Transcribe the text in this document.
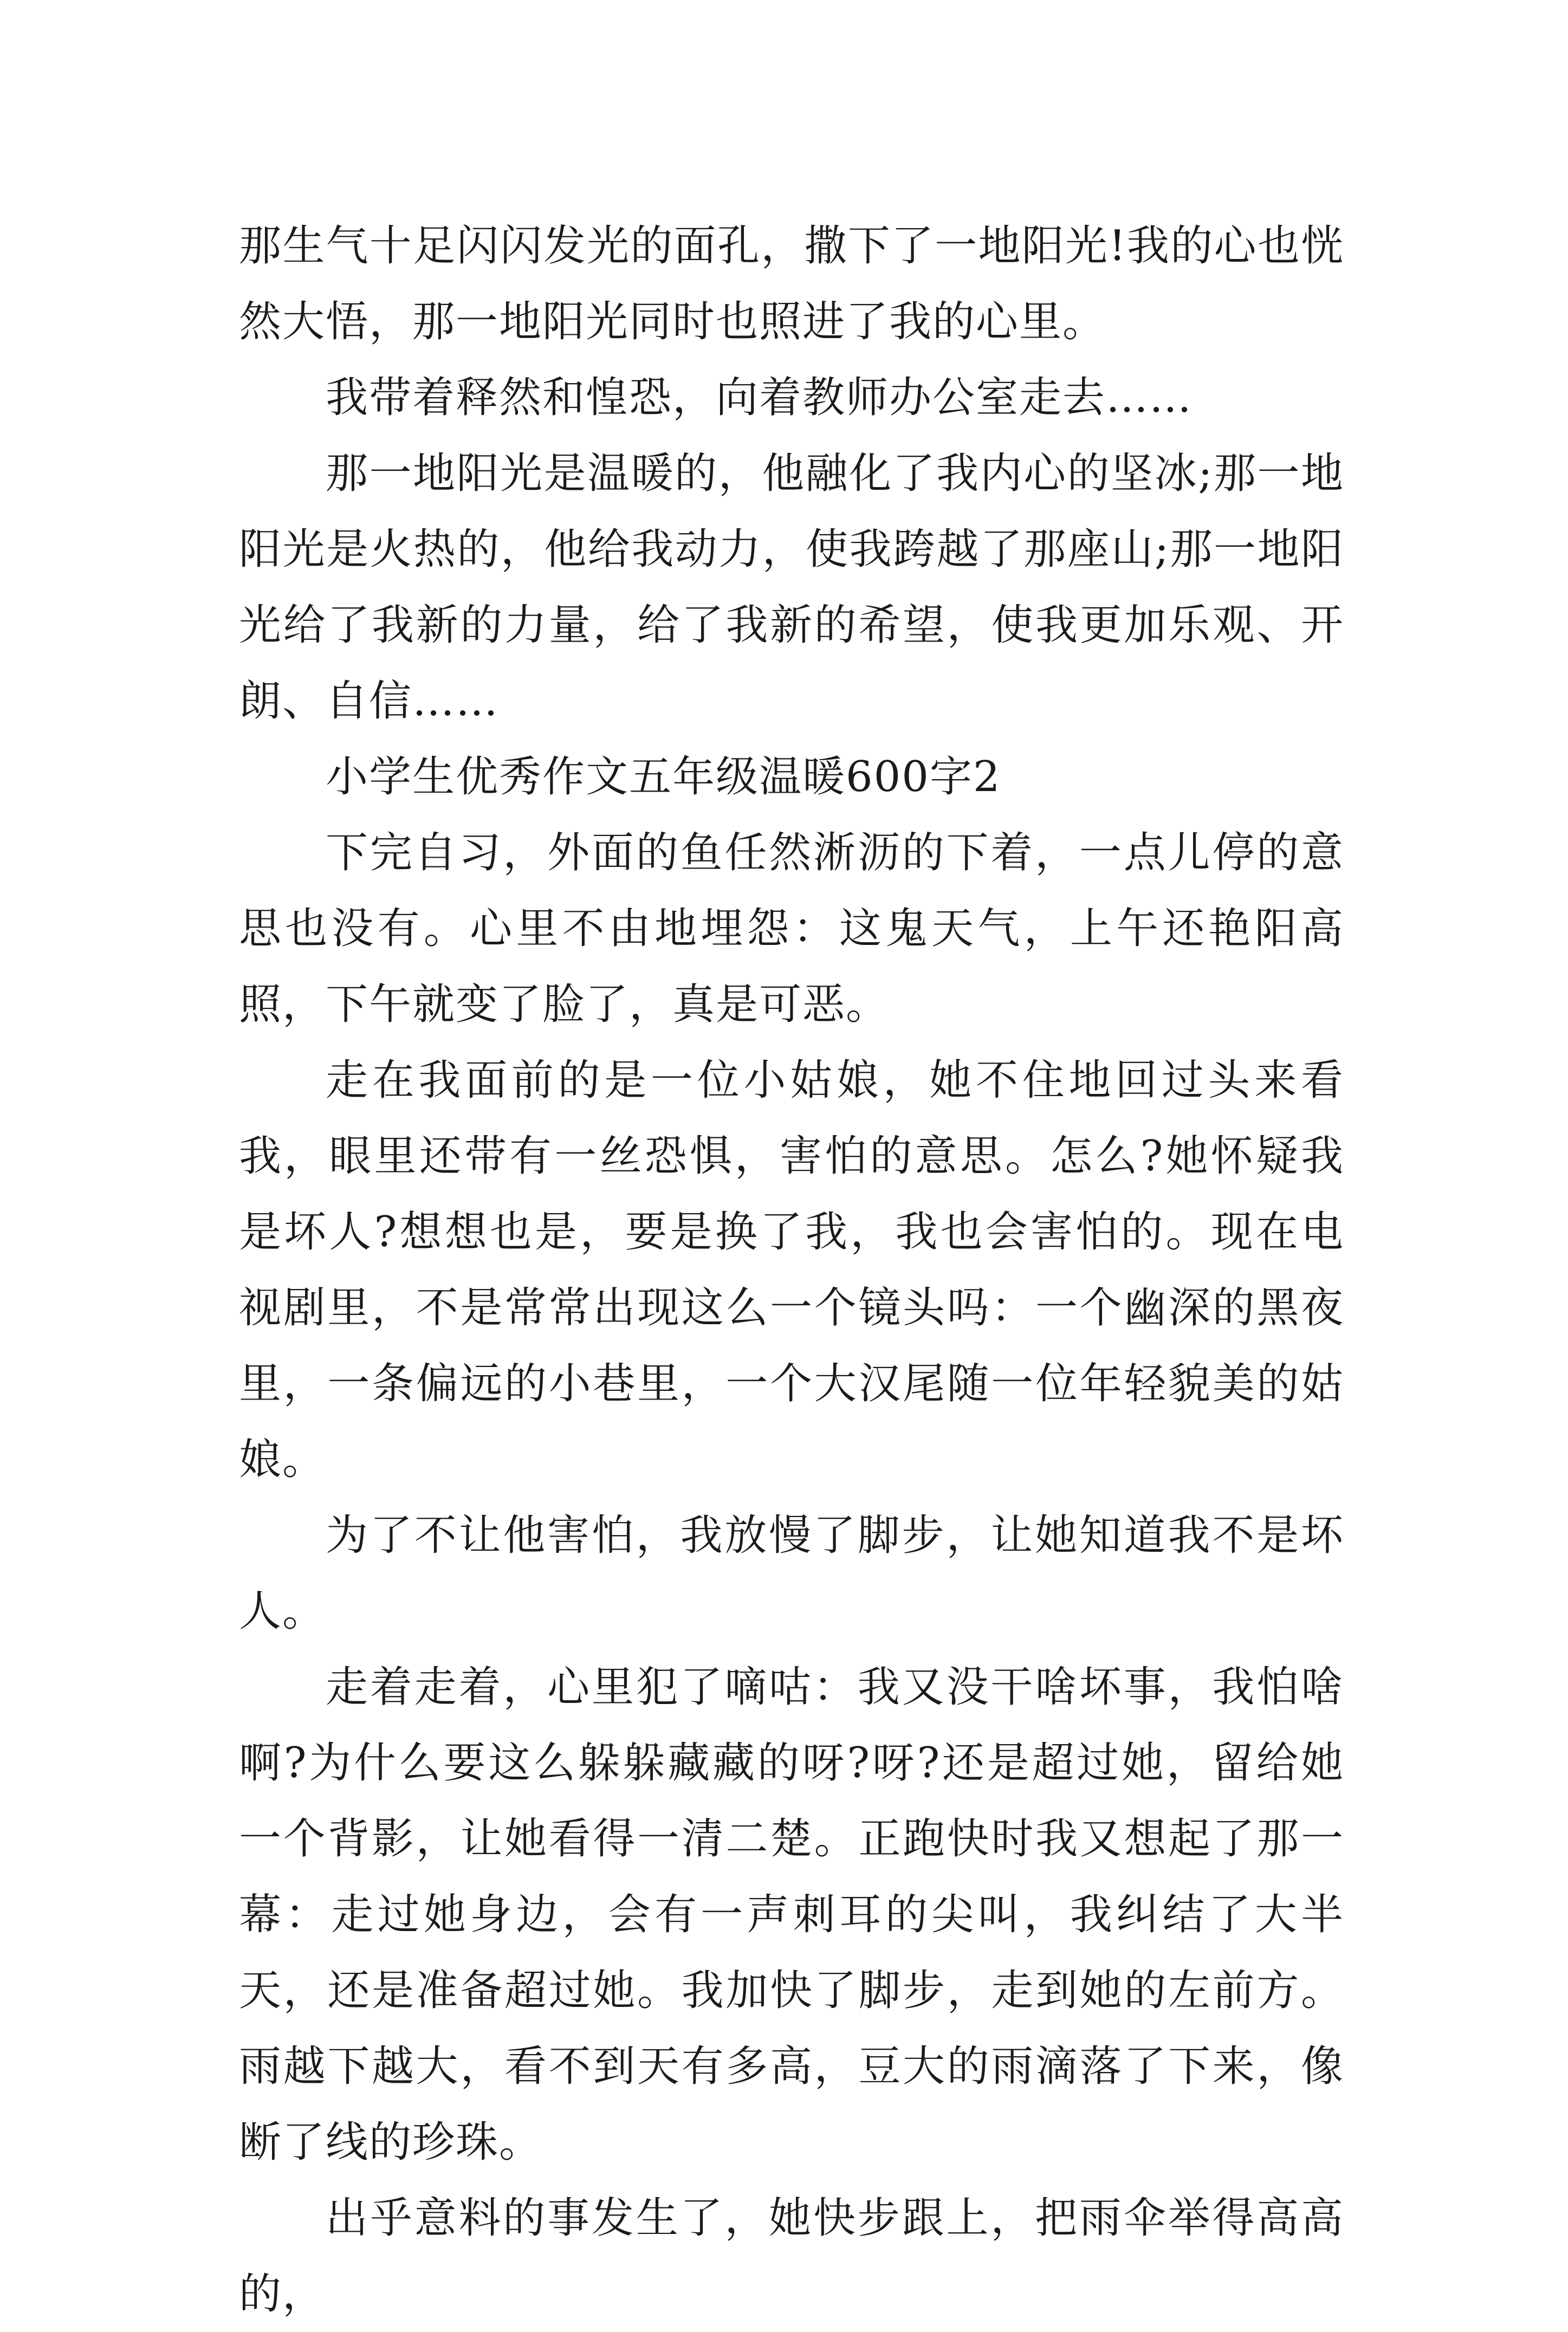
那生气十足闪闪发光的面孔，撒下了一地阳光!我的心也恍然大悟，那一地阳光同时也照进了我的心里。

我带着释然和惶恐，向着教师办公室走去……

那一地阳光是温暖的，他融化了我内心的坚冰;那一地阳光是火热的，他给我动力，使我跨越了那座山;那一地阳光给了我新的力量，给了我新的希望，使我更加乐观、开朗、自信……

小学生优秀作文五年级温暖600字2

下完自习，外面的鱼任然淅沥的下着，一点儿停的意思也没有。心里不由地埋怨：这鬼天气，上午还艳阳高照，下午就变了脸了，真是可恶。

走在我面前的是一位小姑娘，她不住地回过头来看我，眼里还带有一丝恐惧，害怕的意思。怎么?她怀疑我是坏人?想想也是，要是换了我，我也会害怕的。现在电视剧里，不是常常出现这么一个镜头吗：一个幽深的黑夜里，一条偏远的小巷里，一个大汉尾随一位年轻貌美的姑娘。

为了不让他害怕，我放慢了脚步，让她知道我不是坏人。

走着走着，心里犯了嘀咕：我又没干啥坏事，我怕啥啊?为什么要这么躲躲藏藏的呀?呀?还是超过她，留给她一个背影，让她看得一清二楚。正跑快时我又想起了那一幕：走过她身边，会有一声刺耳的尖叫，我纠结了大半天，还是准备超过她。我加快了脚步，走到她的左前方。雨越下越大，看不到天有多高，豆大的雨滴落了下来，像断了线的珍珠。

出乎意料的事发生了，她快步跟上，把雨伞举得高高的，
